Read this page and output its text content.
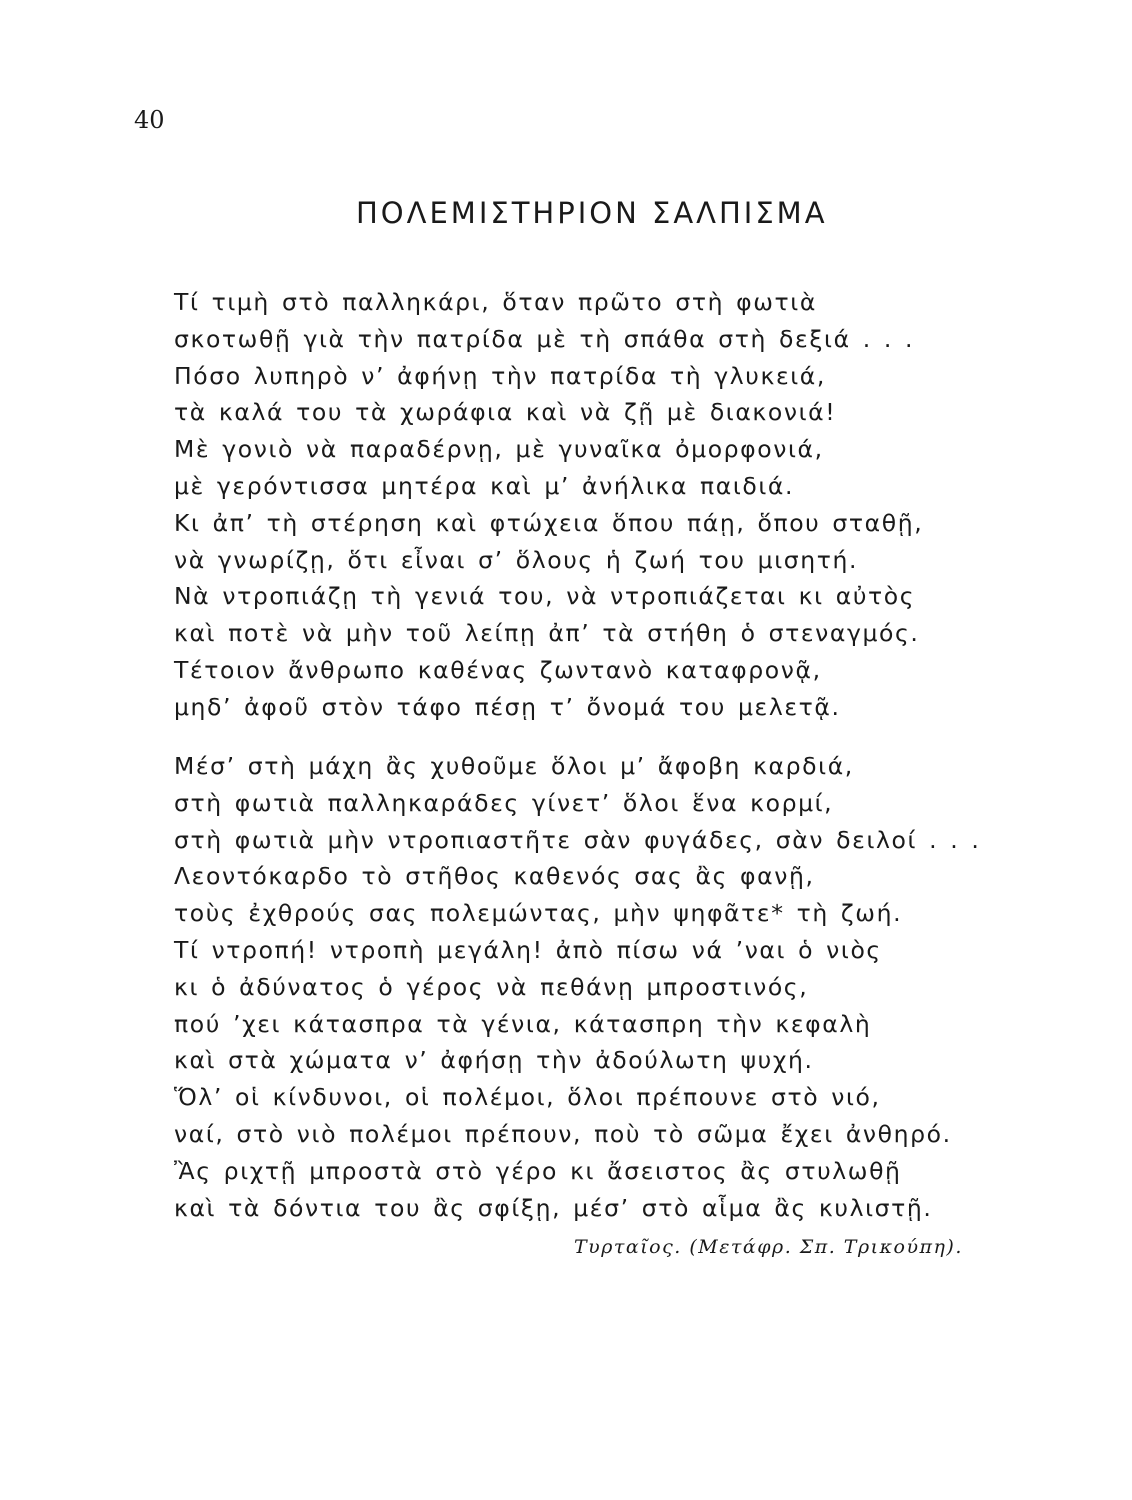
40
ΠΟΛΕΜΙΣΤΗΡΙΟΝ ΣΑΛΠΙΣΜΑ
Τί τιμὴ στὸ παλληκάρι, ὅταν πρῶτο στὴ φωτιὰ
σκοτωθῇ γιὰ τὴν πατρίδα μὲ τὴ σπάθα στὴ δεξιά . . .
Πόσο λυπηρὸ ν’ ἀφήνῃ τὴν πατρίδα τὴ γλυκειά,
τὰ καλά του τὰ χωράφια καὶ νὰ ζῇ μὲ διακονιά!
Μὲ γονιὸ νὰ παραδέρνῃ, μὲ γυναῖκα ὀμορφονιά,
μὲ γερόντισσα μητέρα καὶ μ’ ἀνήλικα παιδιά.
Κι ἀπ’ τὴ στέρηση καὶ φτώχεια ὅπου πάῃ, ὅπου σταθῇ,
νὰ γνωρίζῃ, ὅτι εἶναι σ’ ὅλους ἡ ζωή του μισητή.
Νὰ ντροπιάζῃ τὴ γενιά του, νὰ ντροπιάζεται κι αὐτὸς
καὶ ποτὲ νὰ μὴν τοῦ λείπῃ ἀπ’ τὰ στήθη ὁ στεναγμός.
Τέτοιον ἄνθρωπο καθένας ζωντανὸ καταφρονᾷ,
μηδ’ ἀφοῦ στὸν τάφο πέσῃ τ’ ὄνομά του μελετᾷ.
Μέσ’ στὴ μάχη ἂς χυθοῦμε ὅλοι μ’ ἄφοβη καρδιά,
στὴ φωτιὰ παλληκαράδες γίνετ’ ὅλοι ἕνα κορμί,
στὴ φωτιὰ μὴν ντροπιαστῆτε σὰν φυγάδες, σὰν δειλοί . . .
Λεοντόκαρδο τὸ στῆθος καθενός σας ἂς φανῇ,
τοὺς ἐχθρούς σας πολεμώντας, μὴν ψηφᾶτε* τὴ ζωή.
Τί ντροπή! ντροπὴ μεγάλη! ἀπὸ πίσω νά ’ναι ὁ νιὸς
κι ὁ ἀδύνατος ὁ γέρος νὰ πεθάνῃ μπροστινός,
πού ’χει κάτασπρα τὰ γένια, κάτασπρη τὴν κεφαλὴ
καὶ στὰ χώματα ν’ ἀφήσῃ τὴν ἀδούλωτη ψυχή.
Ὅλ’ οἱ κίνδυνοι, οἱ πολέμοι, ὅλοι πρέπουνε στὸ νιό,
ναί, στὸ νιὸ πολέμοι πρέπουν, ποὺ τὸ σῶμα ἔχει ἀνθηρό.
Ἂς ριχτῇ μπροστὰ στὸ γέρο κι ἄσειστος ἂς στυλωθῇ
καὶ τὰ δόντια του ἂς σφίξῃ, μέσ’ στὸ αἷμα ἂς κυλιστῇ.
Τυρταῖος. (Μετάφρ. Σπ. Τρικούπη).
